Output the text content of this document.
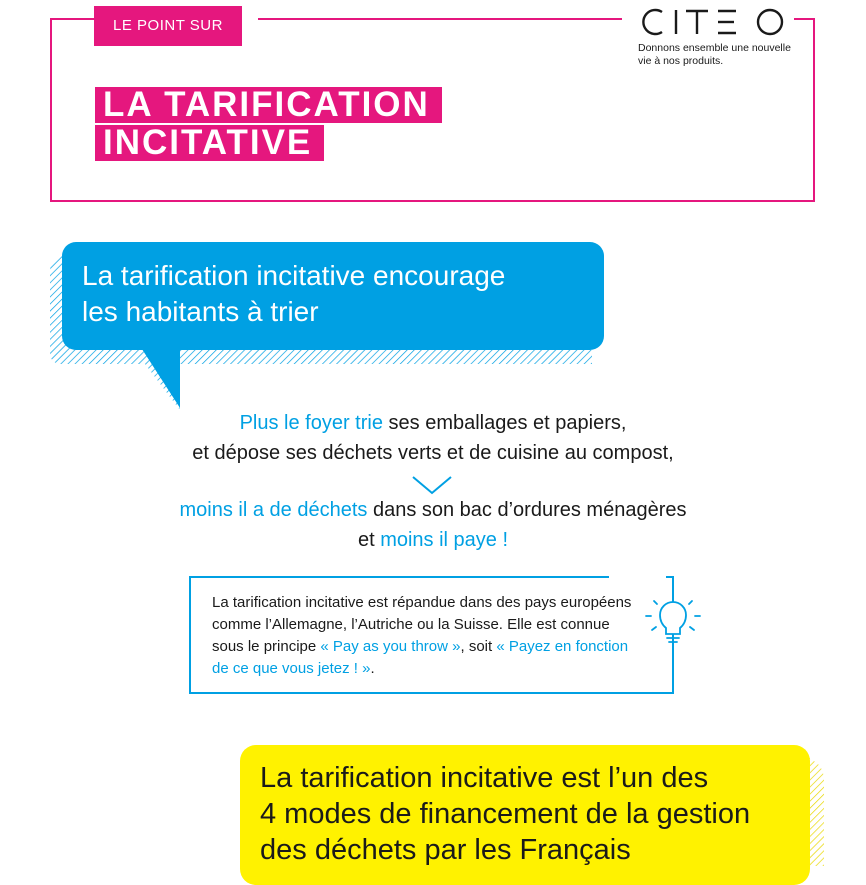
LE POINT SUR
LA TARIFICATION
INCITATIVE
Donnons ensemble une nouvelle vie à nos produits.
La tarification incitative encourage
les habitants à trier
Plus le foyer trie ses emballages et papiers,
et dépose ses déchets verts et de cuisine au compost,
moins il a de déchets dans son bac d’ordures ménagères
et moins il paye !
La tarification incitative est répandue dans des pays européens comme l’Allemagne, l’Autriche ou la Suisse. Elle est connue sous le principe « Pay as you throw », soit « Payez en fonction de ce que vous jetez ! ».
La tarification incitative est l’un des
4 modes de financement de la gestion
des déchets par les Français
